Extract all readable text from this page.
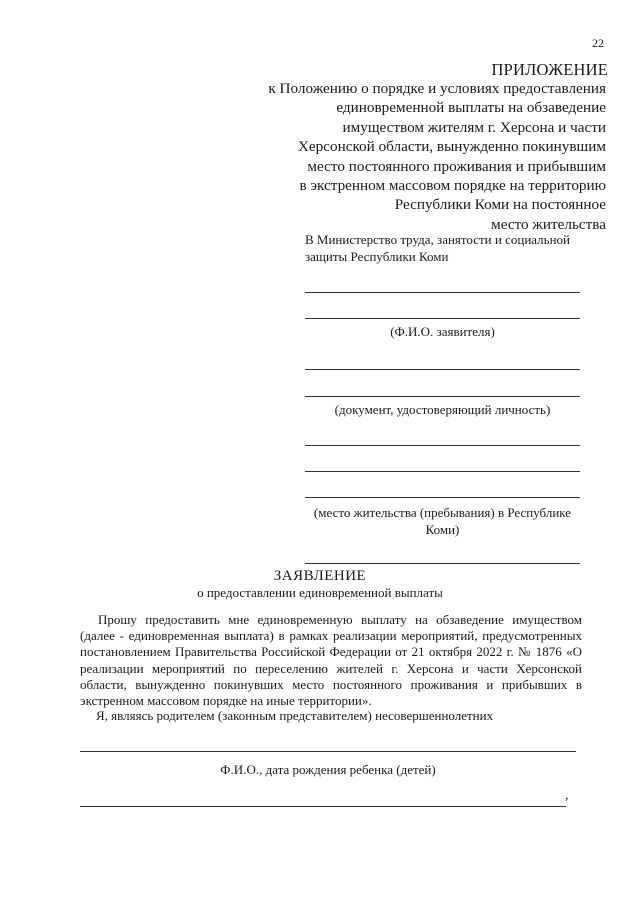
22
ПРИЛОЖЕНИЕ
к Положению о порядке и условиях предоставления
единовременной выплаты на обзаведение
имуществом жителям г. Херсона и части
Херсонской области, вынужденно покинувшим
место постоянного проживания и прибывшим
в экстренном массовом порядке на территорию
Республики Коми на постоянное
место жительства
В Министерство труда, занятости и социальной защиты Республики Коми
(Ф.И.О. заявителя)
(документ, удостоверяющий личность)
(место жительства (пребывания) в Республике Коми)
ЗАЯВЛЕНИЕ
о предоставлении единовременной выплаты
Прошу предоставить мне единовременную выплату на обзаведение имуществом (далее - единовременная выплата) в рамках реализации мероприятий, предусмотренных постановлением Правительства Российской Федерации от 21 октября 2022 г. № 1876 «О реализации мероприятий по переселению жителей г. Херсона и части Херсонской области, вынужденно покинувших место постоянного проживания и прибывших в экстренном массовом порядке на иные территории».
Я, являясь родителем (законным представителем) несовершеннолетних
Ф.И.О., дата рождения ребенка (детей)
,
